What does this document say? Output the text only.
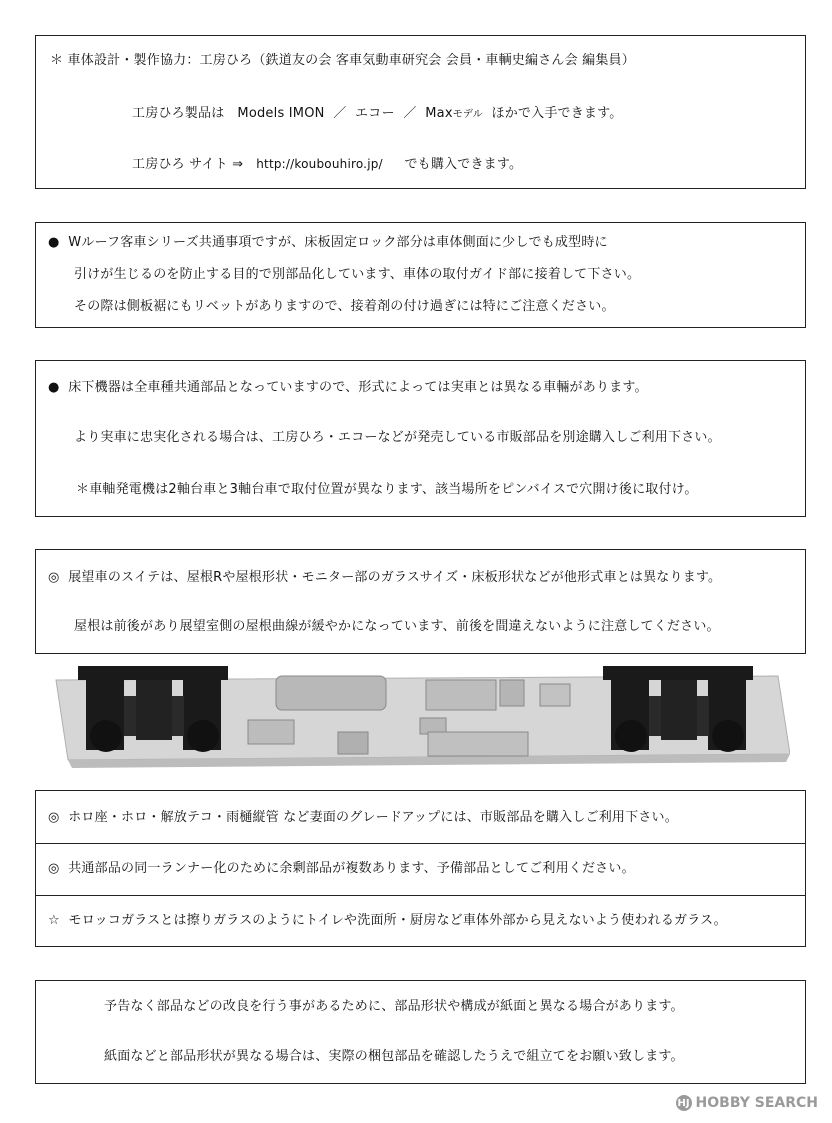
＊ 車体設計・製作協力：工房ひろ（鉄道友の会 客車気動車研究会 会員・車輌史編さん会 編集員）
工房ひろ製品は Models IMON ／ エコー ／ Maxモデル ほかで入手できます。
工房ひろ サイト ⇒ http://koubouhiro.jp/ でも購入できます。
● Wルーフ客車シリーズ共通事項ですが、床板固定ロック部分は車体側面に少しでも成型時に
引けが生じるのを防止する目的で別部品化しています、車体の取付ガイド部に接着して下さい。
その際は側板裾にもリベットがありますので、接着剤の付け過ぎには特にご注意ください。
● 床下機器は全車種共通部品となっていますので、形式によっては実車とは異なる車輛があります。
より実車に忠実化される場合は、工房ひろ・エコーなどが発売している市販部品を別途購入しご利用下さい。
＊車軸発電機は2軸台車と3軸台車で取付位置が異なります、該当場所をピンバイスで穴開け後に取付け。
◎ 展望車のスイテは、屋根Rや屋根形状・モニター部のガラスサイズ・床板形状などが他形式車とは異なります。
屋根は前後があり展望室側の屋根曲線が緩やかになっています、前後を間違えないように注意してください。
◎ ホロ座・ホロ・解放テコ・雨樋縦管 など妻面のグレードアップには、市販部品を購入しご利用下さい。
◎ 共通部品の同一ランナー化のために余剰部品が複数あります、予備部品としてご利用ください。
☆ モロッコガラスとは擦りガラスのようにトイレや洗面所・厨房など車体外部から見えないよう使われるガラス。
予告なく部品などの改良を行う事があるために、部品形状や構成が紙面と異なる場合があります。
紙面などと部品形状が異なる場合は、実際の梱包部品を確認したうえで組立てをお願い致します。
HJ HOBBY SEARCH
